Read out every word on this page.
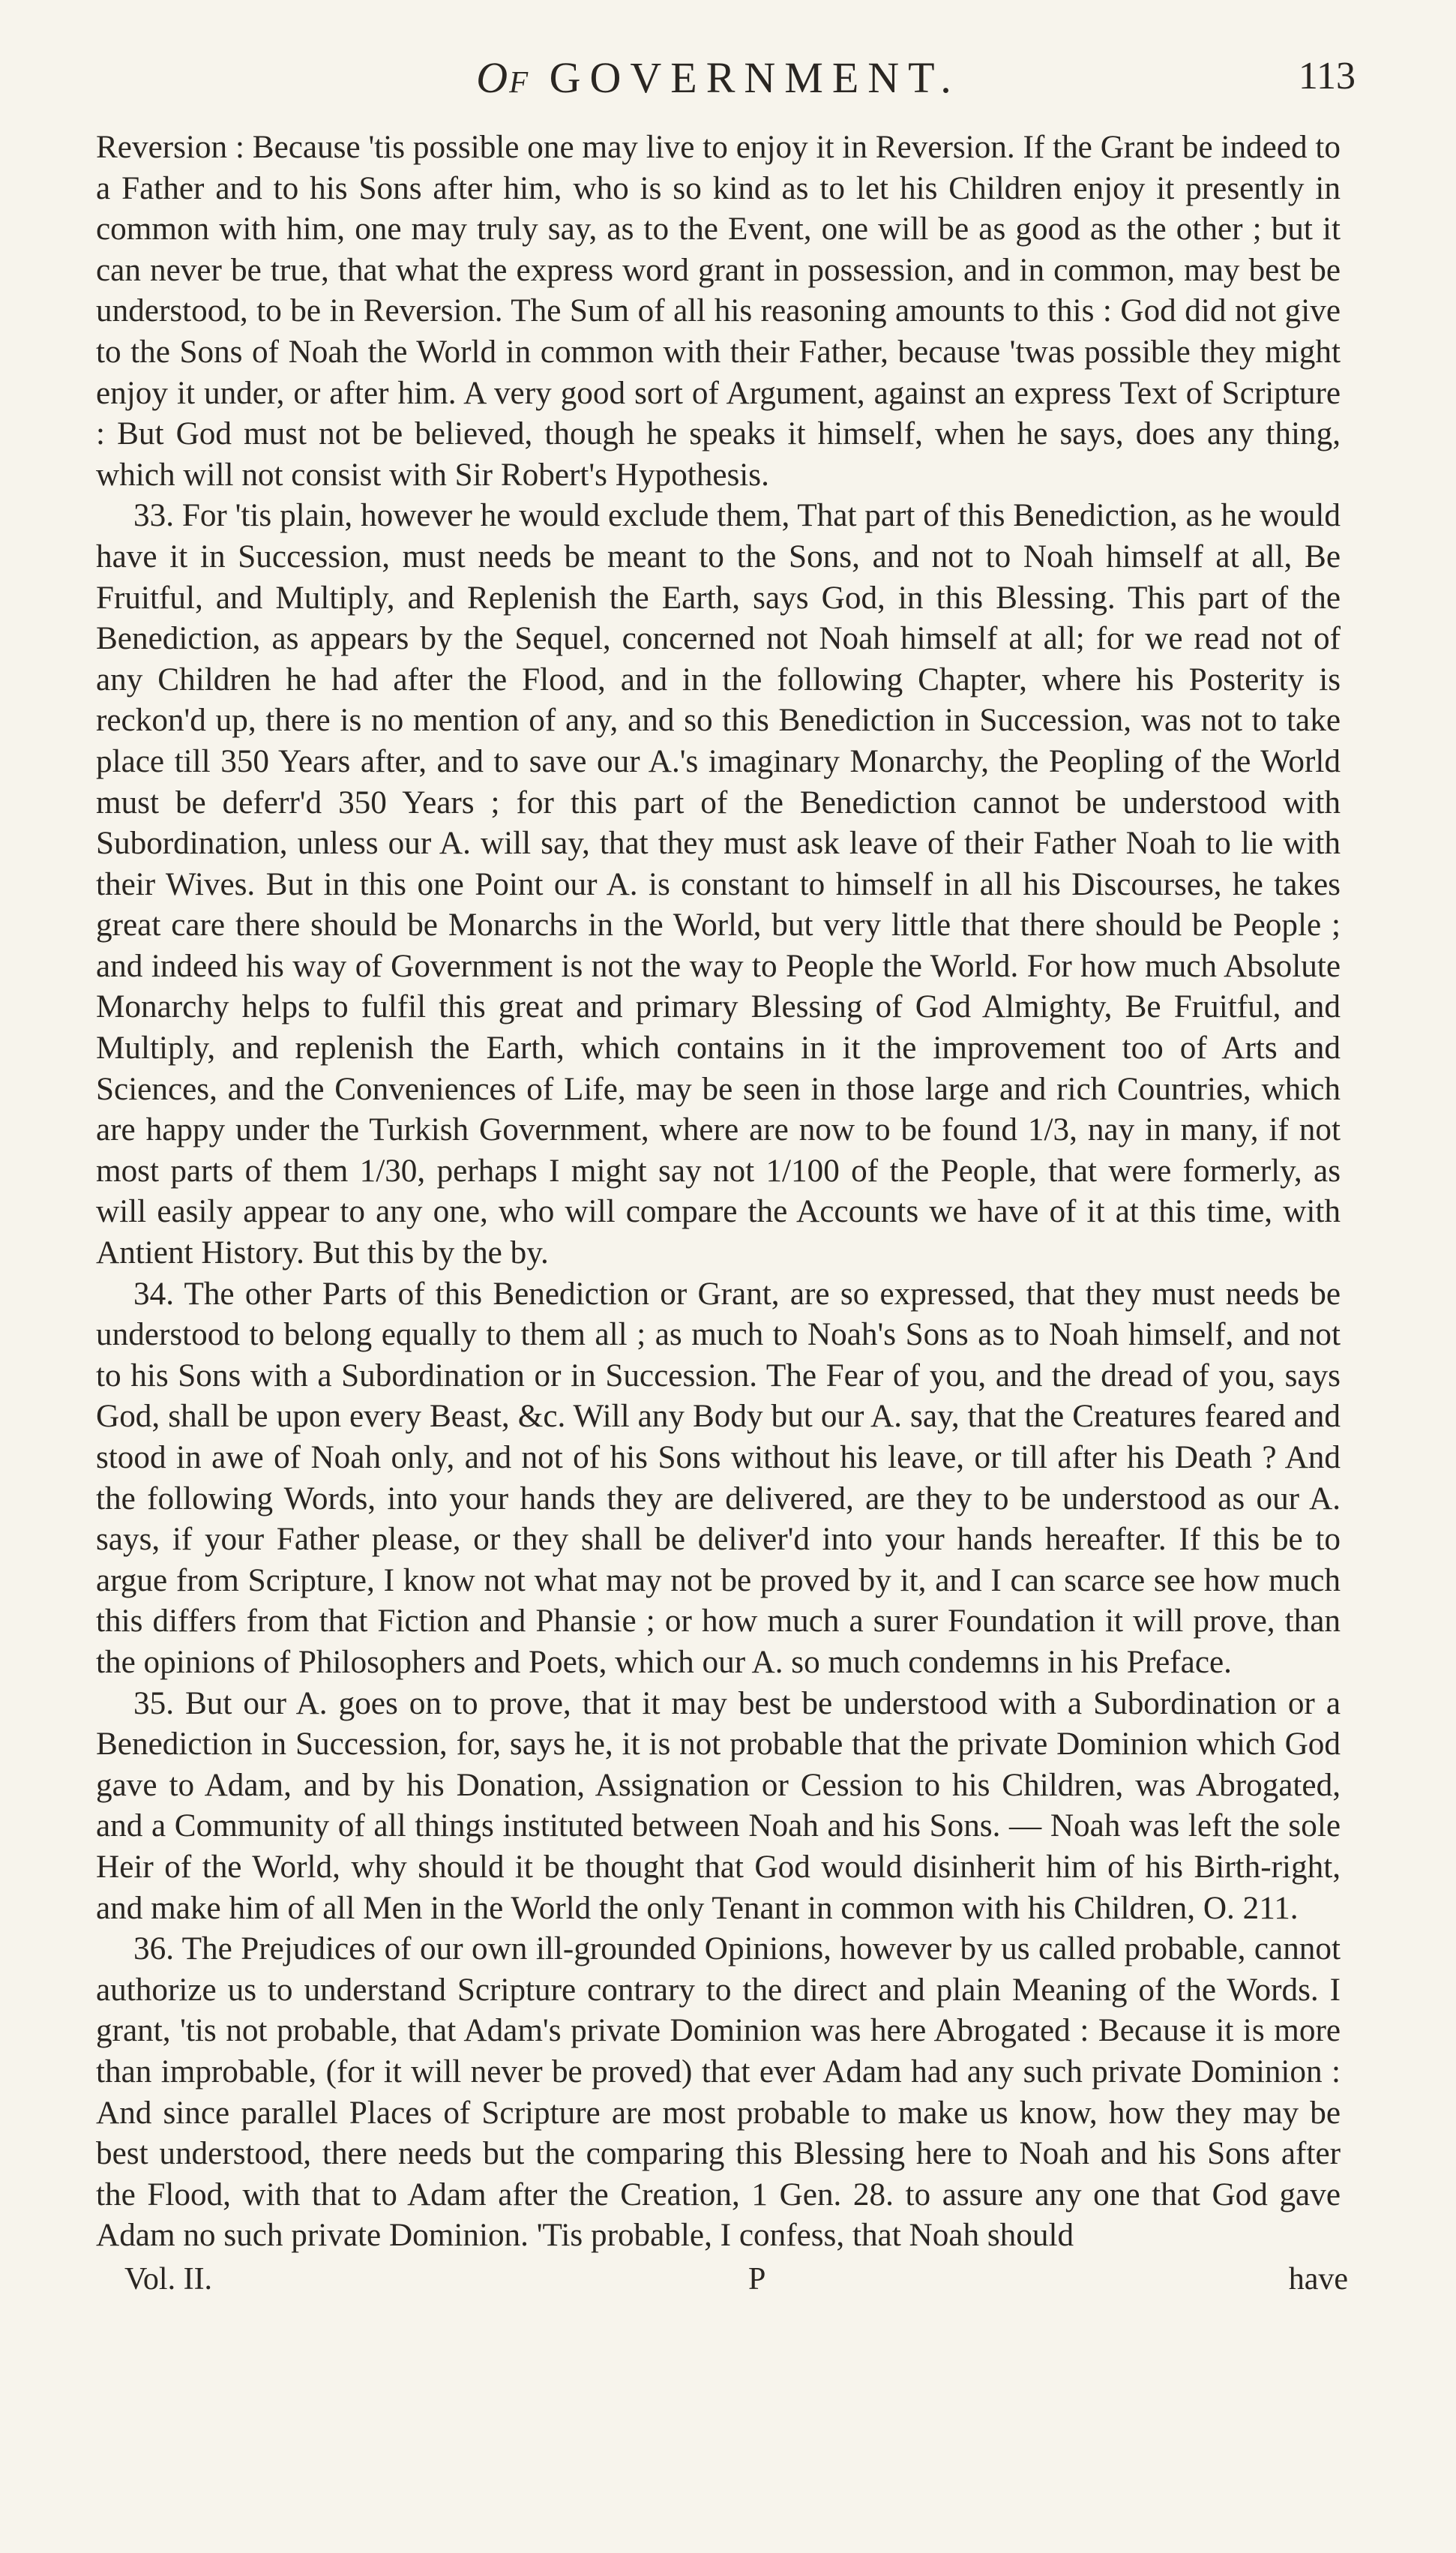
Of GOVERNMENT.	113

Reversion : Because 'tis possible one may live to enjoy it in Reversion. If the Grant be indeed to a Father and to his Sons after him, who is so kind as to let his Children enjoy it presently in common with him, one may truly say, as to the Event, one will be as good as the other ; but it can never be true, that what the express word grant in possession, and in common, may best be understood, to be in Reversion. The Sum of all his reasoning amounts to this : God did not give to the Sons of Noah the World in common with their Father, because 'twas possible they might enjoy it under, or after him. A very good sort of Argument, against an express Text of Scripture : But God must not be believed, though he speaks it himself, when he says, does any thing, which will not consist with Sir Robert's Hypothesis.

33. For 'tis plain, however he would exclude them, That part of this Benediction, as he would have it in Succession, must needs be meant to the Sons, and not to Noah himself at all, Be Fruitful, and Multiply, and Replenish the Earth, says God, in this Blessing. This part of the Benediction, as appears by the Sequel, concerned not Noah himself at all; for we read not of any Children he had after the Flood, and in the following Chapter, where his Posterity is reckon'd up, there is no mention of any, and so this Benediction in Succession, was not to take place till 350 Years after, and to save our A.'s imaginary Monarchy, the Peopling of the World must be deferr'd 350 Years ; for this part of the Benediction cannot be understood with Subordination, unless our A. will say, that they must ask leave of their Father Noah to lie with their Wives. But in this one Point our A. is constant to himself in all his Discourses, he takes great care there should be Monarchs in the World, but very little that there should be People ; and indeed his way of Government is not the way to People the World. For how much Absolute Monarchy helps to fulfil this great and primary Blessing of God Almighty, Be Fruitful, and Multiply, and replenish the Earth, which contains in it the improvement too of Arts and Sciences, and the Conveniences of Life, may be seen in those large and rich Countries, which are happy under the Turkish Government, where are now to be found 1/3, nay in many, if not most parts of them 1/30, perhaps I might say not 1/100 of the People, that were formerly, as will easily appear to any one, who will compare the Accounts we have of it at this time, with Antient History. But this by the by.

34. The other Parts of this Benediction or Grant, are so expressed, that they must needs be understood to belong equally to them all ; as much to Noah's Sons as to Noah himself, and not to his Sons with a Subordination or in Succession. The Fear of you, and the dread of you, says God, shall be upon every Beast, &c. Will any Body but our A. say, that the Creatures feared and stood in awe of Noah only, and not of his Sons without his leave, or till after his Death ? And the following Words, into your hands they are delivered, are they to be understood as our A. says, if your Father please, or they shall be deliver'd into your hands hereafter. If this be to argue from Scripture, I know not what may not be proved by it, and I can scarce see how much this differs from that Fiction and Phansie ; or how much a surer Foundation it will prove, than the opinions of Philosophers and Poets, which our A. so much condemns in his Preface.

35. But our A. goes on to prove, that it may best be understood with a Subordination or a Benediction in Succession, for, says he, it is not probable that the private Dominion which God gave to Adam, and by his Donation, Assignation or Cession to his Children, was Abrogated, and a Community of all things instituted between Noah and his Sons. — Noah was left the sole Heir of the World, why should it be thought that God would disinherit him of his Birth-right, and make him of all Men in the World the only Tenant in common with his Children, O. 211.

36. The Prejudices of our own ill-grounded Opinions, however by us called probable, cannot authorize us to understand Scripture contrary to the direct and plain Meaning of the Words. I grant, 'tis not probable, that Adam's private Dominion was here Abrogated : Because it is more than improbable, (for it will never be proved) that ever Adam had any such private Dominion : And since parallel Places of Scripture are most probable to make us know, how they may be best understood, there needs but the comparing this Blessing here to Noah and his Sons after the Flood, with that to Adam after the Creation, 1 Gen. 28. to assure any one that God gave Adam no such private Dominion. 'Tis probable, I confess, that Noah should

Vol. II.	P	have
